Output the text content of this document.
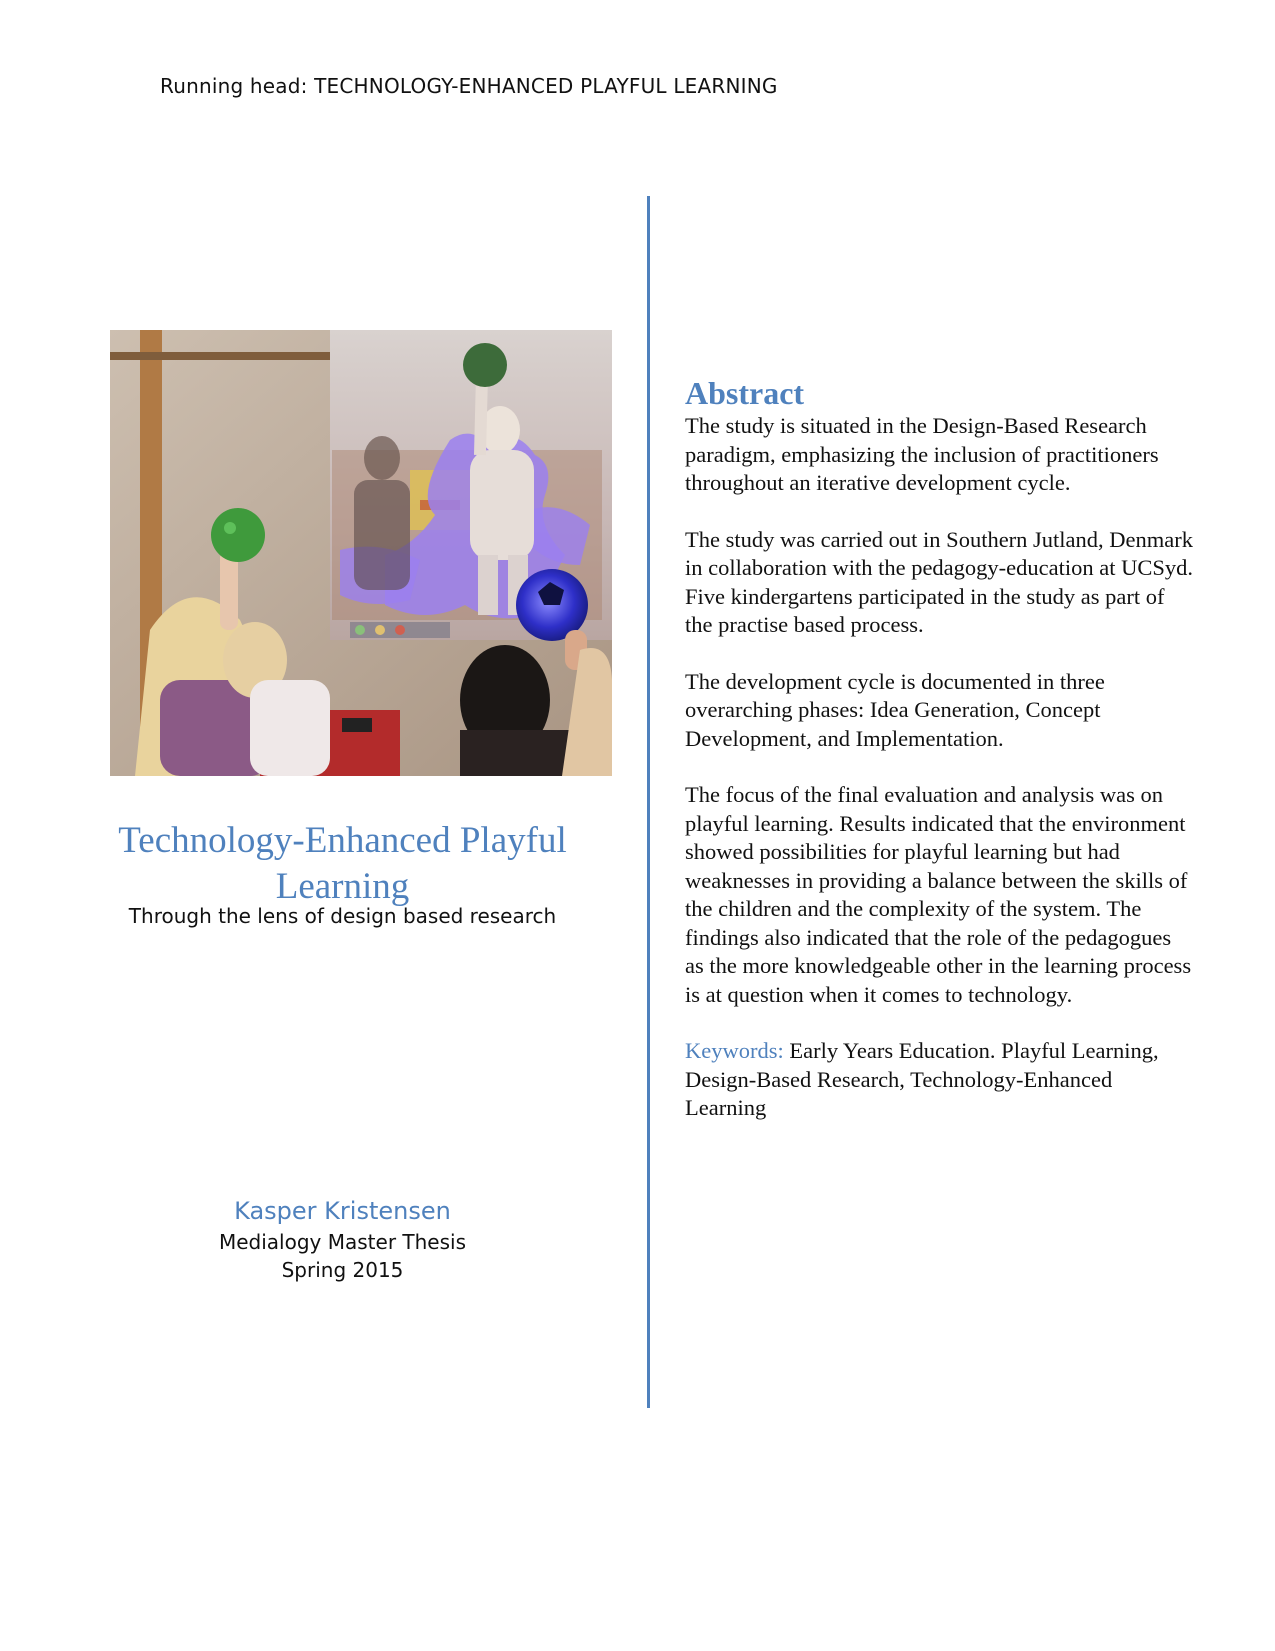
Running head: TECHNOLOGY-ENHANCED PLAYFUL LEARNING
Technology-Enhanced Playful
Learning
Through the lens of design based research
Kasper Kristensen
Medialogy Master Thesis
Spring 2015
Abstract

The study is situated in the Design-Based Research paradigm, emphasizing the inclusion of practitioners throughout an iterative development cycle.

The study was carried out in Southern Jutland, Denmark in collaboration with the pedagogy-education at UCSyd. Five kindergartens participated in the study as part of the practise based process.

The development cycle is documented in three overarching phases: Idea Generation, Concept Development, and Implementation.

The focus of the final evaluation and analysis was on playful learning. Results indicated that the environment showed possibilities for playful learning but had weaknesses in providing a balance between the skills of the children and the complexity of the system. The findings also indicated that the role of the pedagogues as the more knowledgeable other in the learning process is at question when it comes to technology.

Keywords: Early Years Education. Playful Learning, Design-Based Research, Technology-Enhanced Learning
